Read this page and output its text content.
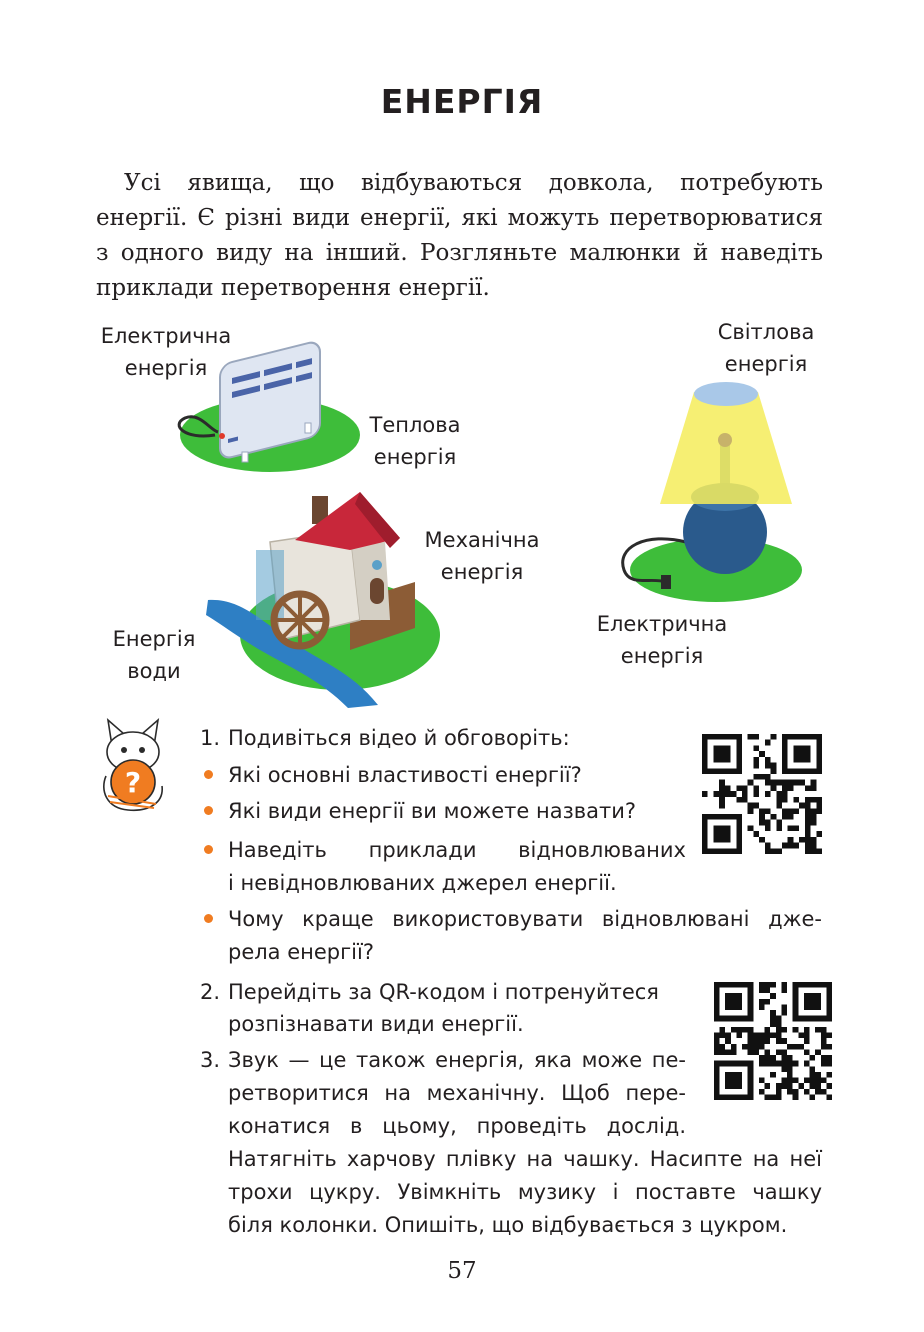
ЕНЕРГІЯ

Усі явища, що відбуваються довкола, потребують енергії. Є різні види енергії, які можуть перетворюватися з одного виду на інший. Розгляньте малюнки й наведіть приклади перетворення енергії.

Електрична
енергія
Теплова
енергія
Механічна
енергія
Енергія
води
Світлова
енергія
Електрична
енергія
?
1. Подивіться відео й обговоріть:
Які основні властивості енергії?
Які види енергії ви можете назвати?
Наведіть приклади відновлюваних
і невідновлюваних джерел енергії.
Чому краще використовувати відновлювані дже-
рела енергії?
2. Перейдіть за QR-кодом і потренуйтеся
розпізнавати види енергії.
3. Звук — це також енергія, яка може пе-
ретворитися на механічну. Щоб пере-
конатися в цьому, проведіть дослід.
Натягніть харчову плівку на чашку. Насипте на неї
трохи цукру. Увімкніть музику і поставте чашку
біля колонки. Опишіть, що відбувається з цукром.
57
